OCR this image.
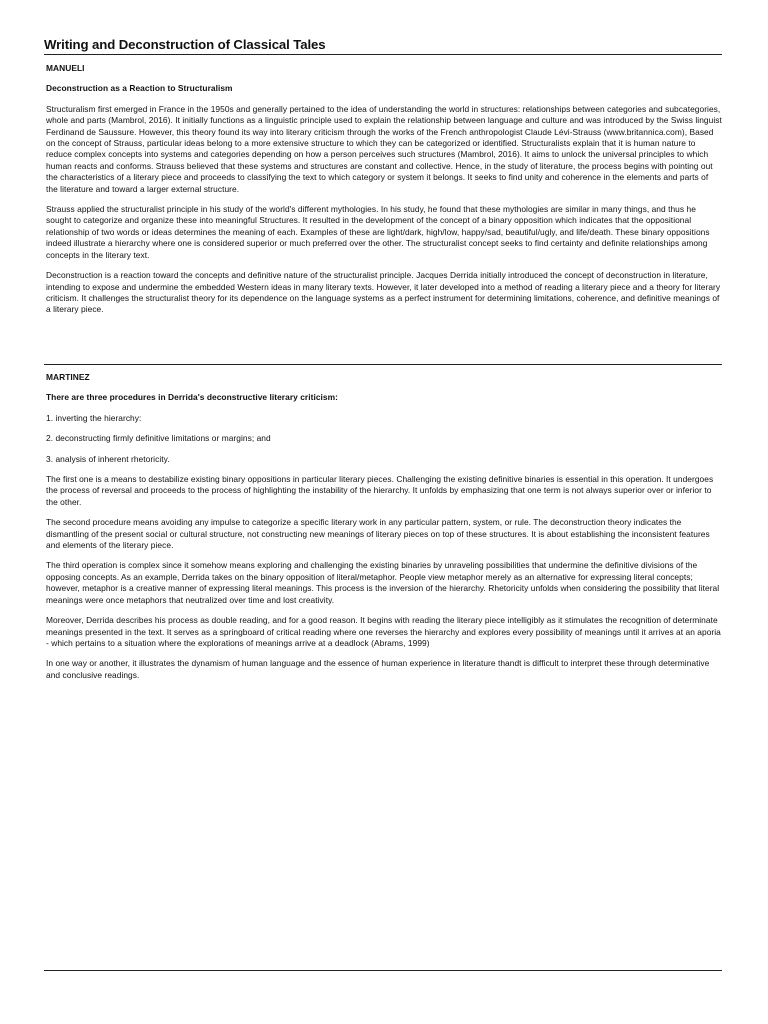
Writing and Deconstruction of Classical Tales

MANUELI

Deconstruction as a Reaction to Structuralism

Structuralism first emerged in France in the 1950s and generally pertained to the idea of understanding the world in structures: relationships between categories and subcategories, whole and parts (Mambrol, 2016). It initially functions as a linguistic principle used to explain the relationship between language and culture and was introduced by the Swiss linguist Ferdinand de Saussure. However, this theory found its way into literary criticism through the works of the French anthropologist Claude Lévi-Strauss (www.britannica.com), Based on the concept of Strauss, particular ideas belong to a more extensive structure to which they can be categorized or identified. Structuralists explain that it is human nature to reduce complex concepts into systems and categories depending on how a person perceives such structures (Mambrol, 2016). It aims to unlock the universal principles to which human reacts and conforms. Strauss believed that these systems and structures are constant and collective. Hence, in the study of literature, the process begins with pointing out the characteristics of a literary piece and proceeds to classifying the text to which category or system it belongs. It seeks to find unity and coherence in the elements and parts of the literature and toward a larger external structure.

Strauss applied the structuralist principle in his study of the world's different mythologies. In his study, he found that these mythologies are similar in many things, and thus he sought to categorize and organize these into meaningful Structures. It resulted in the development of the concept of a binary opposition which indicates that the oppositional relationship of two words or ideas determines the meaning of each. Examples of these are light/dark, high/low, happy/sad, beautiful/ugly, and life/death. These binary oppositions indeed illustrate a hierarchy where one is considered superior or much preferred over the other. The structuralist concept seeks to find certainty and definite relationships among concepts in the literary text.

Deconstruction is a reaction toward the concepts and definitive nature of the structuralist principle. Jacques Derrida initially introduced the concept of deconstruction in literature, intending to expose and undermine the embedded Western ideas in many literary texts. However, it later developed into a method of reading a literary piece and a theory for literary criticism. It challenges the structuralist theory for its dependence on the language systems as a perfect instrument for determining limitations, coherence, and definitive meanings of a literary piece.

MARTINEZ

There are three procedures in Derrida's deconstructive literary criticism:

1. inverting the hierarchy:

2. deconstructing firmly definitive limitations or margins; and

3. analysis of inherent rhetoricity.

The first one is a means to destabilize existing binary oppositions in particular literary pieces. Challenging the existing definitive binaries is essential in this operation. It undergoes the process of reversal and proceeds to the process of highlighting the instability of the hierarchy. It unfolds by emphasizing that one term is not always superior over or inferior to the other.

The second procedure means avoiding any impulse to categorize a specific literary work in any particular pattern, system, or rule. The deconstruction theory indicates the dismantling of the present social or cultural structure, not constructing new meanings of literary pieces on top of these structures. It is about establishing the inconsistent features and elements of the literary piece.

The third operation is complex since it somehow means exploring and challenging the existing binaries by unraveling possibilities that undermine the definitive divisions of the opposing concepts. As an example, Derrida takes on the binary opposition of literal/metaphor. People view metaphor merely as an alternative for expressing literal concepts; however, metaphor is a creative manner of expressing literal meanings. This process is the inversion of the hierarchy. Rhetoricity unfolds when considering the possibility that literal meanings were once metaphors that neutralized over time and lost creativity.

Moreover, Derrida describes his process as double reading, and for a good reason. It begins with reading the literary piece intelligibly as it stimulates the recognition of determinate meanings presented in the text. It serves as a springboard of critical reading where one reverses the hierarchy and explores every possibility of meanings until it arrives at an aporia - which pertains to a situation where the explorations of meanings arrive at a deadlock (Abrams, 1999)

In one way or another, it illustrates the dynamism of human language and the essence of human experience in literature thandt is difficult to interpret these through determinative and conclusive readings.
